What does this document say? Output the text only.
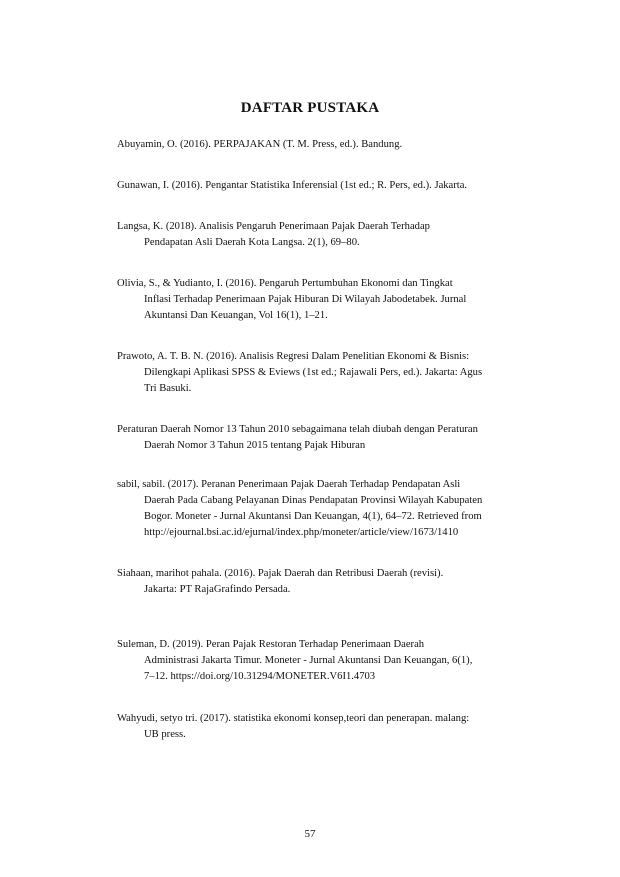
DAFTAR PUSTAKA
Abuyamin, O. (2016). PERPAJAKAN (T. M. Press, ed.). Bandung.
Gunawan, I. (2016). Pengantar Statistika Inferensial (1st ed.; R. Pers, ed.). Jakarta.
Langsa, K. (2018). Analisis Pengaruh Penerimaan Pajak Daerah Terhadap
Pendapatan Asli Daerah Kota Langsa. 2(1), 69–80.
Olivia, S., & Yudianto, I. (2016). Pengaruh Pertumbuhan Ekonomi dan Tingkat
Inflasi Terhadap Penerimaan Pajak Hiburan Di Wilayah Jabodetabek. Jurnal
Akuntansi Dan Keuangan, Vol 16(1), 1–21.
Prawoto, A. T. B. N. (2016). Analisis Regresi Dalam Penelitian Ekonomi & Bisnis:
Dilengkapi Aplikasi SPSS & Eviews (1st ed.; Rajawali Pers, ed.). Jakarta: Agus
Tri Basuki.
Peraturan Daerah Nomor 13 Tahun 2010 sebagaimana telah diubah dengan Peraturan
Daerah Nomor 3 Tahun 2015 tentang Pajak Hiburan
sabil, sabil. (2017). Peranan Penerimaan Pajak Daerah Terhadap Pendapatan Asli
Daerah Pada Cabang Pelayanan Dinas Pendapatan Provinsi Wilayah Kabupaten
Bogor. Moneter - Jurnal Akuntansi Dan Keuangan, 4(1), 64–72. Retrieved from
http://ejournal.bsi.ac.id/ejurnal/index.php/moneter/article/view/1673/1410
Siahaan, marihot pahala. (2016). Pajak Daerah dan Retribusi Daerah (revisi).
Jakarta: PT RajaGrafindo Persada.
Suleman, D. (2019). Peran Pajak Restoran Terhadap Penerimaan Daerah
Administrasi Jakarta Timur. Moneter - Jurnal Akuntansi Dan Keuangan, 6(1),
7–12. https://doi.org/10.31294/MONETER.V6I1.4703
Wahyudi, setyo tri. (2017). statistika ekonomi konsep,teori dan penerapan. malang:
UB press.
57
